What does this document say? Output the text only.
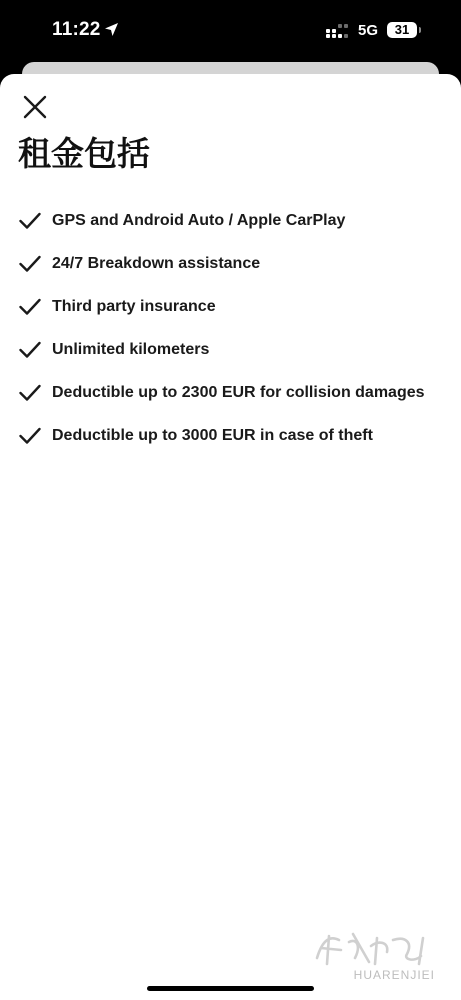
11:22	5G	31
租金包括
GPS and Android Auto / Apple CarPlay
24/7 Breakdown assistance
Third party insurance
Unlimited kilometers
Deductible up to 2300 EUR for collision damages
Deductible up to 3000 EUR in case of theft
HUARENJIEI
